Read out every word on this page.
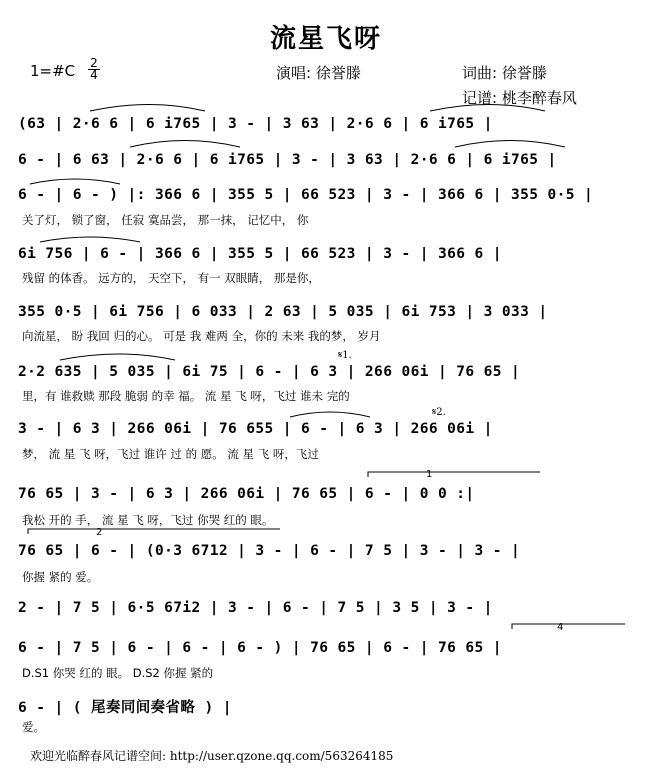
流星飞呀
1=#C 2
4	演唱: 徐誉滕	词曲: 徐誉滕
记谱: 桃李醉春风
(63 | 2·6 6 | 6 i765 | 3 - | 3 63 | 2·6 6 | 6 i765 |
6 - | 6 63 | 2·6 6 | 6 i765 | 3 - | 3 63 | 2·6 6 | 6 i765 |
6 - | 6 - ) |: 366 6 | 355 5 | 66 523 | 3 - | 366 6 | 355 0·5 |
关了灯， 锁了窗， 任寂 寞品尝， 那一抹， 记忆中， 你
6i 756 | 6 - | 366 6 | 355 5 | 66 523 | 3 - | 366 6 |
残留 的体香。 远方的， 天空下， 有一 双眼睛， 那是你，
355 0·5 | 6i 756 | 6 033 | 2 63 | 5 035 | 6i 753 | 3 033 |
向流星， 盼 我回 归的心。 可是 我 难两 全，你的 未来 我的梦， 岁月
𝄋1.
2·2 635 | 5 035 | 6i 75 | 6 - | 6 3 | 266 06i | 76 65 |
里，有 谁救赎 那段 脆弱 的幸 福。 流 星 飞 呀，飞过 谁未 完的
𝄋2.
3 - | 6 3 | 266 06i | 76 655 | 6 - | 6 3 | 266 06i |
梦， 流 星 飞 呀，飞过 谁许 过 的 愿。 流 星 飞 呀，飞过
1
76 65 | 3 - | 6 3 | 266 06i | 76 65 | 6 - | 0 0 :|
我松 开的 手， 流 星 飞 呀，飞过 你哭 红的 眼。
2
76 65 | 6 - | (0·3 6712 | 3 - | 6 - | 7 5 | 3 - | 3 - |
你握 紧的 爱。
2 - | 7 5 | 6·5 67i2 | 3 - | 6 - | 7 5 | 3 5 | 3 - |
4
6 - | 7 5 | 6 - | 6 - | 6 - ) | 76 65 | 6 - | 76 65 |
D.S1 你哭 红的 眼。 D.S2 你握 紧的
6 - | ( 尾奏同间奏省略 ) |
爱。
欢迎光临醉春风记谱空间: http://user.qzone.qq.com/563264185
